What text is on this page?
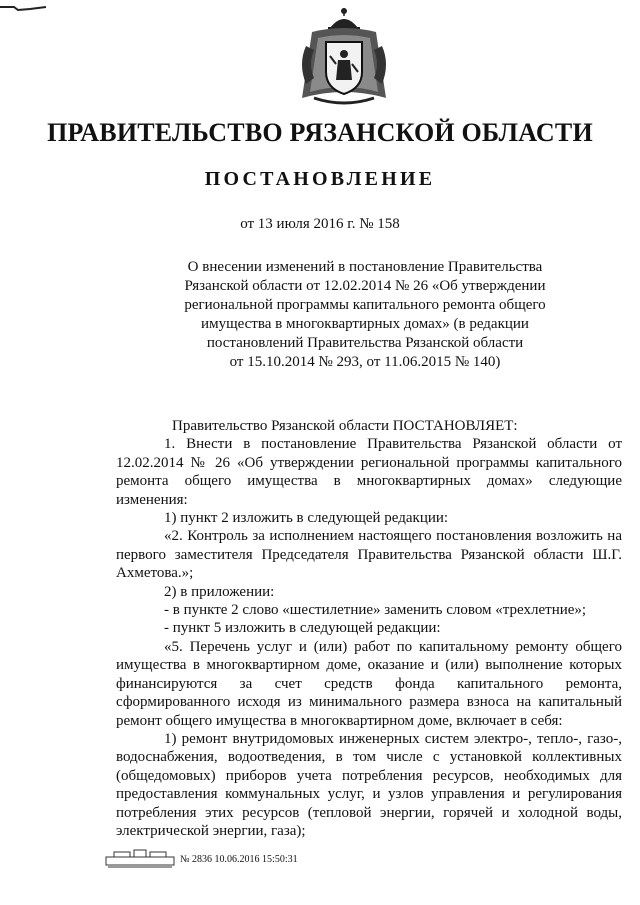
ПРАВИТЕЛЬСТВО РЯЗАНСКОЙ ОБЛАСТИ
ПОСТАНОВЛЕНИЕ
от 13 июля 2016 г. № 158
О внесении изменений в постановление Правительства
Рязанской области от 12.02.2014 № 26 «Об утверждении
региональной программы капитального ремонта общего
имущества в многоквартирных домах» (в редакции
постановлений Правительства Рязанской области
от 15.10.2014 № 293, от 11.06.2015 № 140)

Правительство Рязанской области ПОСТАНОВЛЯЕТ:

1. Внести в постановление Правительства Рязанской области от 12.02.2014 № 26 «Об утверждении региональной программы капитального ремонта общего имущества в многоквартирных домах» следующие изменения:

1) пункт 2 изложить в следующей редакции:

«2. Контроль за исполнением настоящего постановления возложить на первого заместителя Председателя Правительства Рязанской области Ш.Г. Ахметова.»;

2) в приложении:

- в пункте 2 слово «шестилетние» заменить словом «трехлетние»;

- пункт 5 изложить в следующей редакции:

«5. Перечень услуг и (или) работ по капитальному ремонту общего имущества в многоквартирном доме, оказание и (или) выполнение которых финансируются за счет средств фонда капитального ремонта, сформированного исходя из минимального размера взноса на капитальный ремонт общего имущества в многоквартирном доме, включает в себя:

1) ремонт внутридомовых инженерных систем электро-, тепло-, газо-, водоснабжения, водоотведения, в том числе с установкой коллективных (общедомовых) приборов учета потребления ресурсов, необходимых для предоставления коммунальных услуг, и узлов управления и регулирования потребления этих ресурсов (тепловой энергии, горячей и холодной воды, электрической энергии, газа);

№ 2836 10.06.2016 15:50:31
